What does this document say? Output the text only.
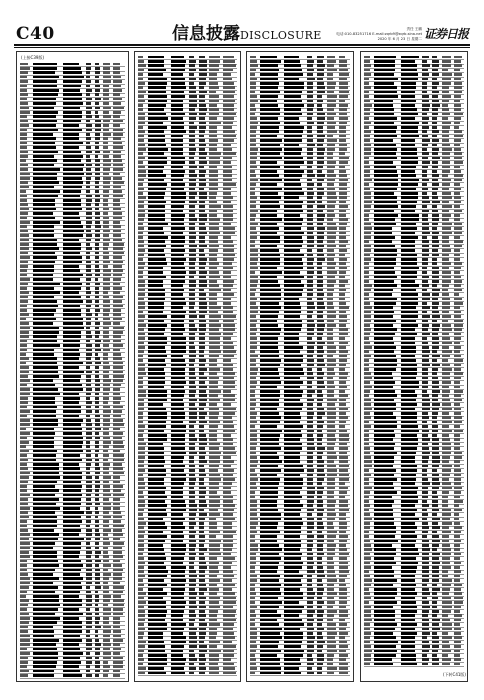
C40	信息披露DISCLOSURE	责任 王鹏
电话:010-83251716 E-mail:zqrb9@zqrb.sina.net
2020 年 6 月 23 日 星期二 证券日报
(上接C39版)
(下转C41版)
